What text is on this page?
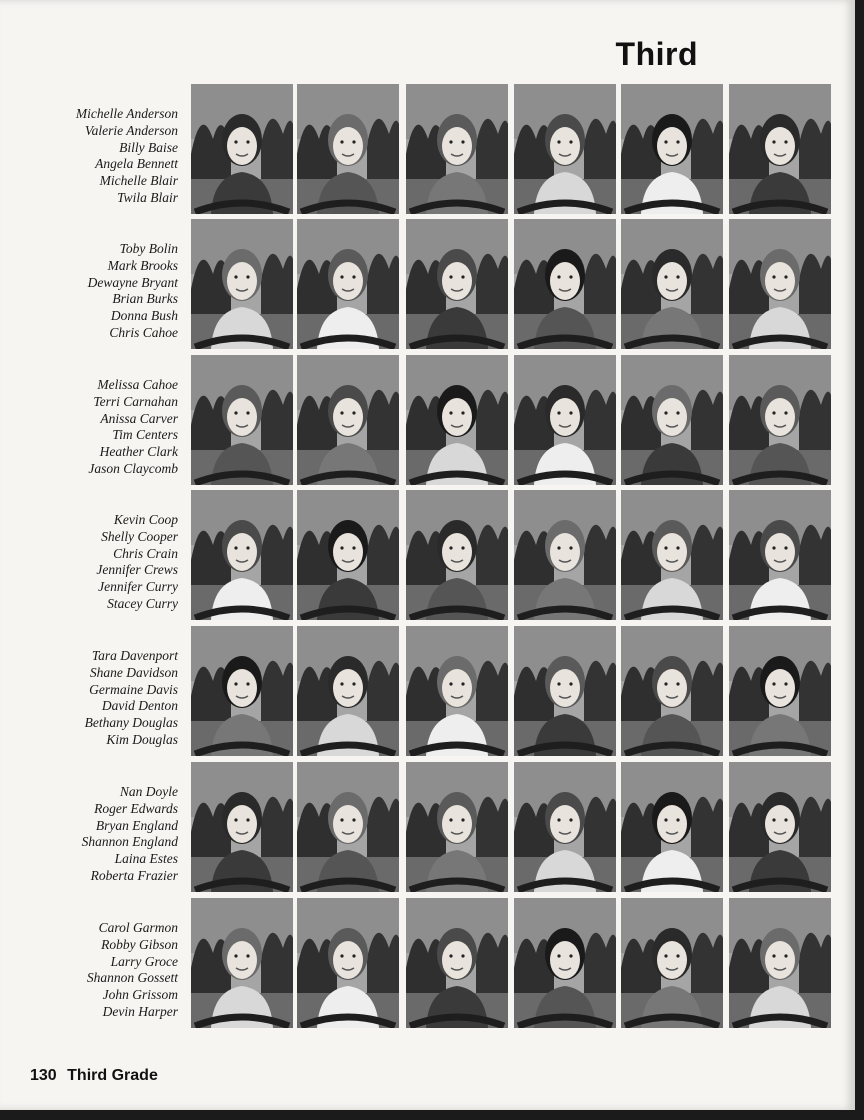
Third
Michelle Anderson
Valerie Anderson
Billy Baise
Angela Bennett
Michelle Blair
Twila Blair
Toby Bolin
Mark Brooks
Dewayne Bryant
Brian Burks
Donna Bush
Chris Cahoe
Melissa Cahoe
Terri Carnahan
Anissa Carver
Tim Centers
Heather Clark
Jason Claycomb
Kevin Coop
Shelly Cooper
Chris Crain
Jennifer Crews
Jennifer Curry
Stacey Curry
Tara Davenport
Shane Davidson
Germaine Davis
David Denton
Bethany Douglas
Kim Douglas
Nan Doyle
Roger Edwards
Bryan England
Shannon England
Laina Estes
Roberta Frazier
Carol Garmon
Robby Gibson
Larry Groce
Shannon Gossett
John Grissom
Devin Harper
130 Third Grade
